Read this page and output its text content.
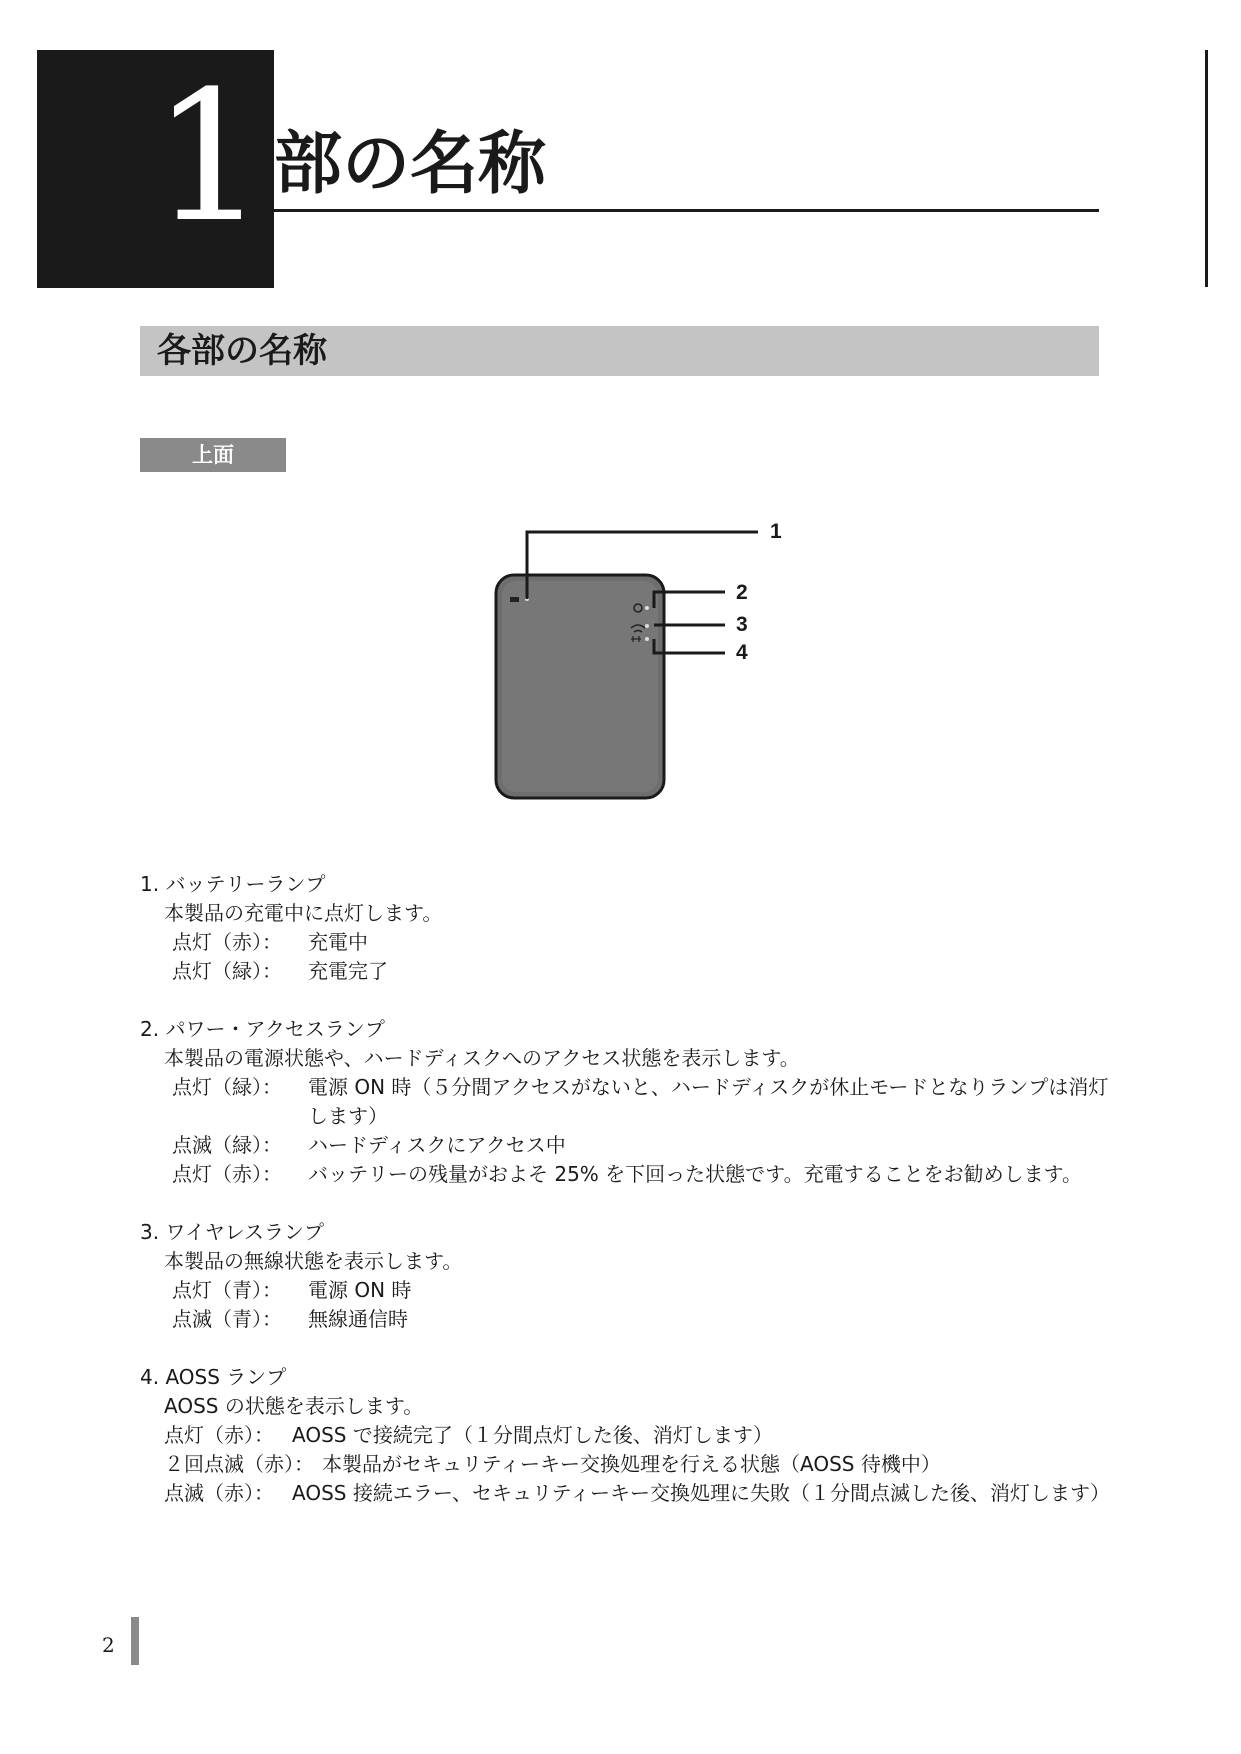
1 部の名称
各部の名称
上面
1
2
3
4
1. バッテリーランプ
本製品の充電中に点灯します。
点灯（赤）：	充電中
点灯（緑）：	充電完了
2. パワー・アクセスランプ
本製品の電源状態や、ハードディスクへのアクセス状態を表示します。
点灯（緑）：	電源 ON 時（５分間アクセスがないと、ハードディスクが休止モードとなりランプは消灯します）
点滅（緑）：	ハードディスクにアクセス中
点灯（赤）：	バッテリーの残量がおよそ 25% を下回った状態です。充電することをお勧めします。
3. ワイヤレスランプ
本製品の無線状態を表示します。
点灯（青）：	電源 ON 時
点滅（青）：	無線通信時
4. AOSS ランプ
AOSS の状態を表示します。
点灯（赤）： AOSS で接続完了（１分間点灯した後、消灯します）
２回点滅（赤）： 本製品がセキュリティーキー交換処理を行える状態（AOSS 待機中）
点滅（赤）： AOSS 接続エラー、セキュリティーキー交換処理に失敗（１分間点滅した後、消灯します）
2
